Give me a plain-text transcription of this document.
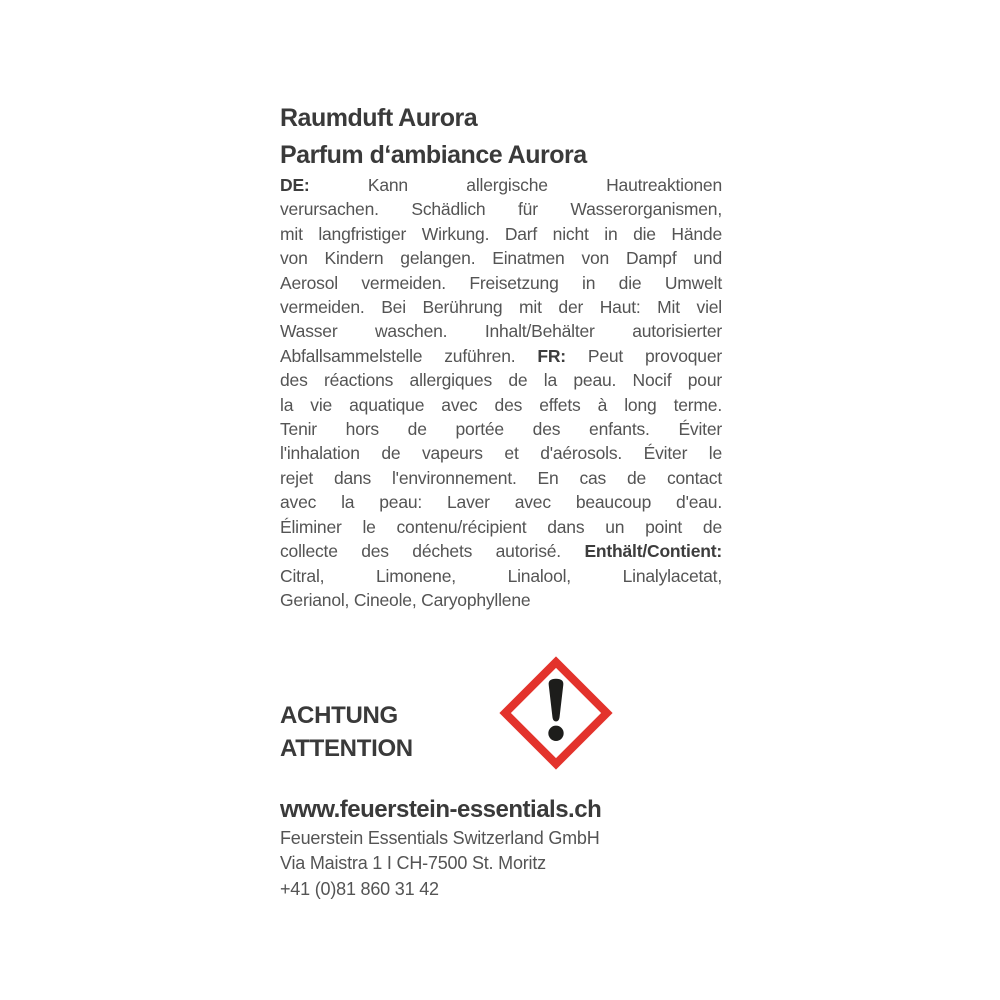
Raumduft Aurora
Parfum d‘ambiance Aurora
DE: Kann allergische Hautreaktionen
verursachen. Schädlich für Wasserorganismen,
mit langfristiger Wirkung. Darf nicht in die Hände
von Kindern gelangen. Einatmen von Dampf und
Aerosol vermeiden. Freisetzung in die Umwelt
vermeiden. Bei Berührung mit der Haut: Mit viel
Wasser waschen. Inhalt/Behälter autorisierter
Abfallsammelstelle zuführen. FR: Peut provoquer
des réactions allergiques de la peau. Nocif pour
la vie aquatique avec des effets à long terme.
Tenir hors de portée des enfants. Éviter
l'inhalation de vapeurs et d'aérosols. Éviter le
rejet dans l'environnement. En cas de contact
avec la peau: Laver avec beaucoup d'eau.
Éliminer le contenu/récipient dans un point de
collecte des déchets autorisé. Enthält/Contient:
Citral, Limonene, Linalool, Linalylacetat,
Gerianol, Cineole, Caryophyllene
ACHTUNG
ATTENTION
www.feuerstein-essentials.ch
Feuerstein Essentials Switzerland GmbH
Via Maistra 1 I CH-7500 St. Moritz
+41 (0)81 860 31 42
